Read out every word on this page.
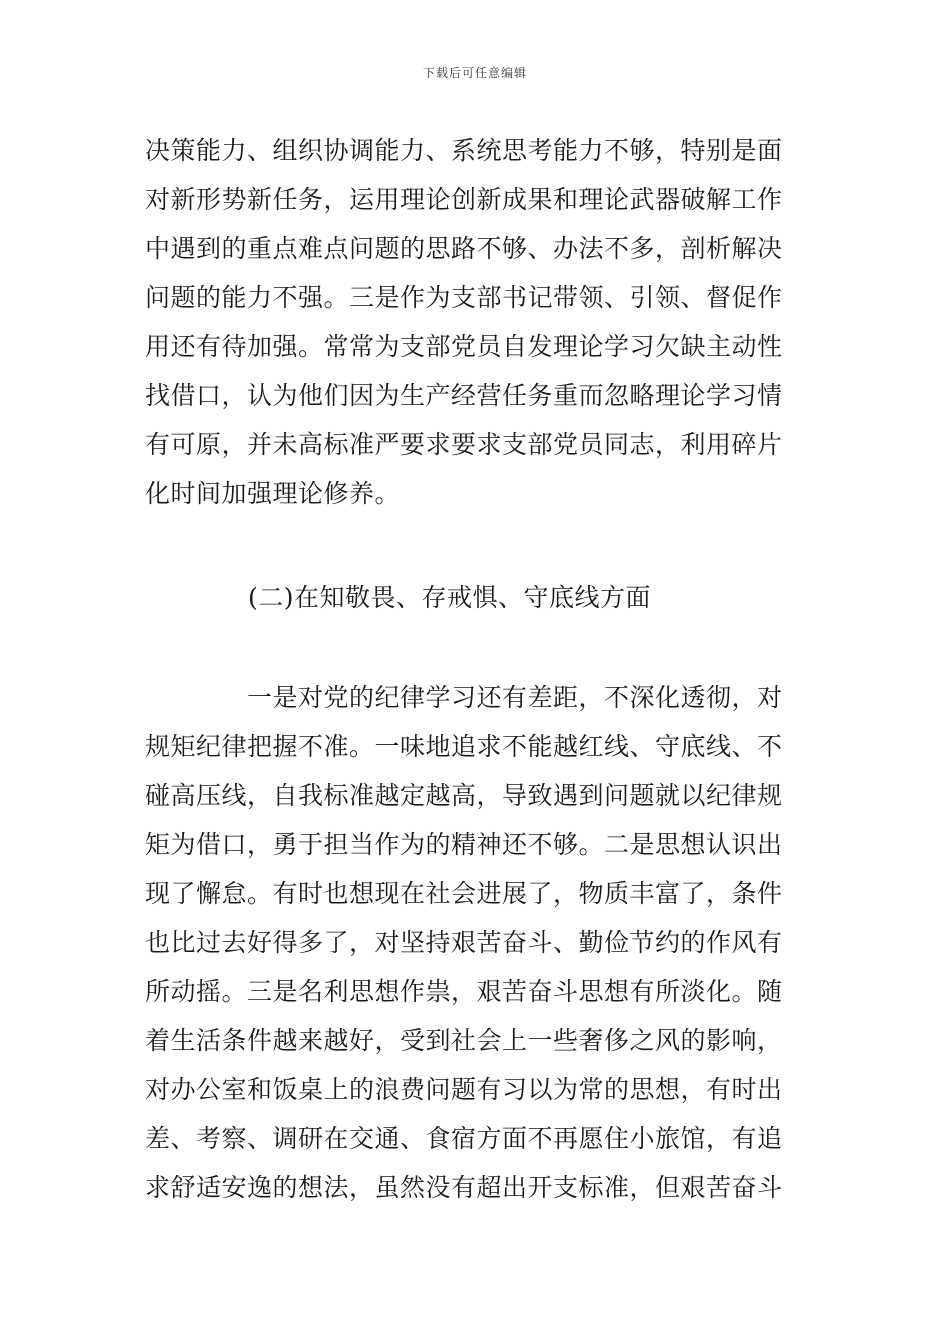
下载后可任意编辑
决策能力、组织协调能力、系统思考能力不够，特别是面
对新形势新任务，运用理论创新成果和理论武器破解工作
中遇到的重点难点问题的思路不够、办法不多，剖析解决
问题的能力不强。三是作为支部书记带领、引领、督促作
用还有待加强。常常为支部党员自发理论学习欠缺主动性
找借口，认为他们因为生产经营任务重而忽略理论学习情
有可原，并未高标准严要求要求支部党员同志，利用碎片
化时间加强理论修养。
(二)在知敬畏、存戒惧、守底线方面
一是对党的纪律学习还有差距，不深化透彻，对
规矩纪律把握不准。一味地追求不能越红线、守底线、不
碰高压线，自我标准越定越高，导致遇到问题就以纪律规
矩为借口，勇于担当作为的精神还不够。二是思想认识出
现了懈怠。有时也想现在社会进展了，物质丰富了，条件
也比过去好得多了，对坚持艰苦奋斗、勤俭节约的作风有
所动摇。三是名利思想作祟，艰苦奋斗思想有所淡化。随
着生活条件越来越好，受到社会上一些奢侈之风的影响，
对办公室和饭桌上的浪费问题有习以为常的思想，有时出
差、考察、调研在交通、食宿方面不再愿住小旅馆，有追
求舒适安逸的想法，虽然没有超出开支标准，但艰苦奋斗
